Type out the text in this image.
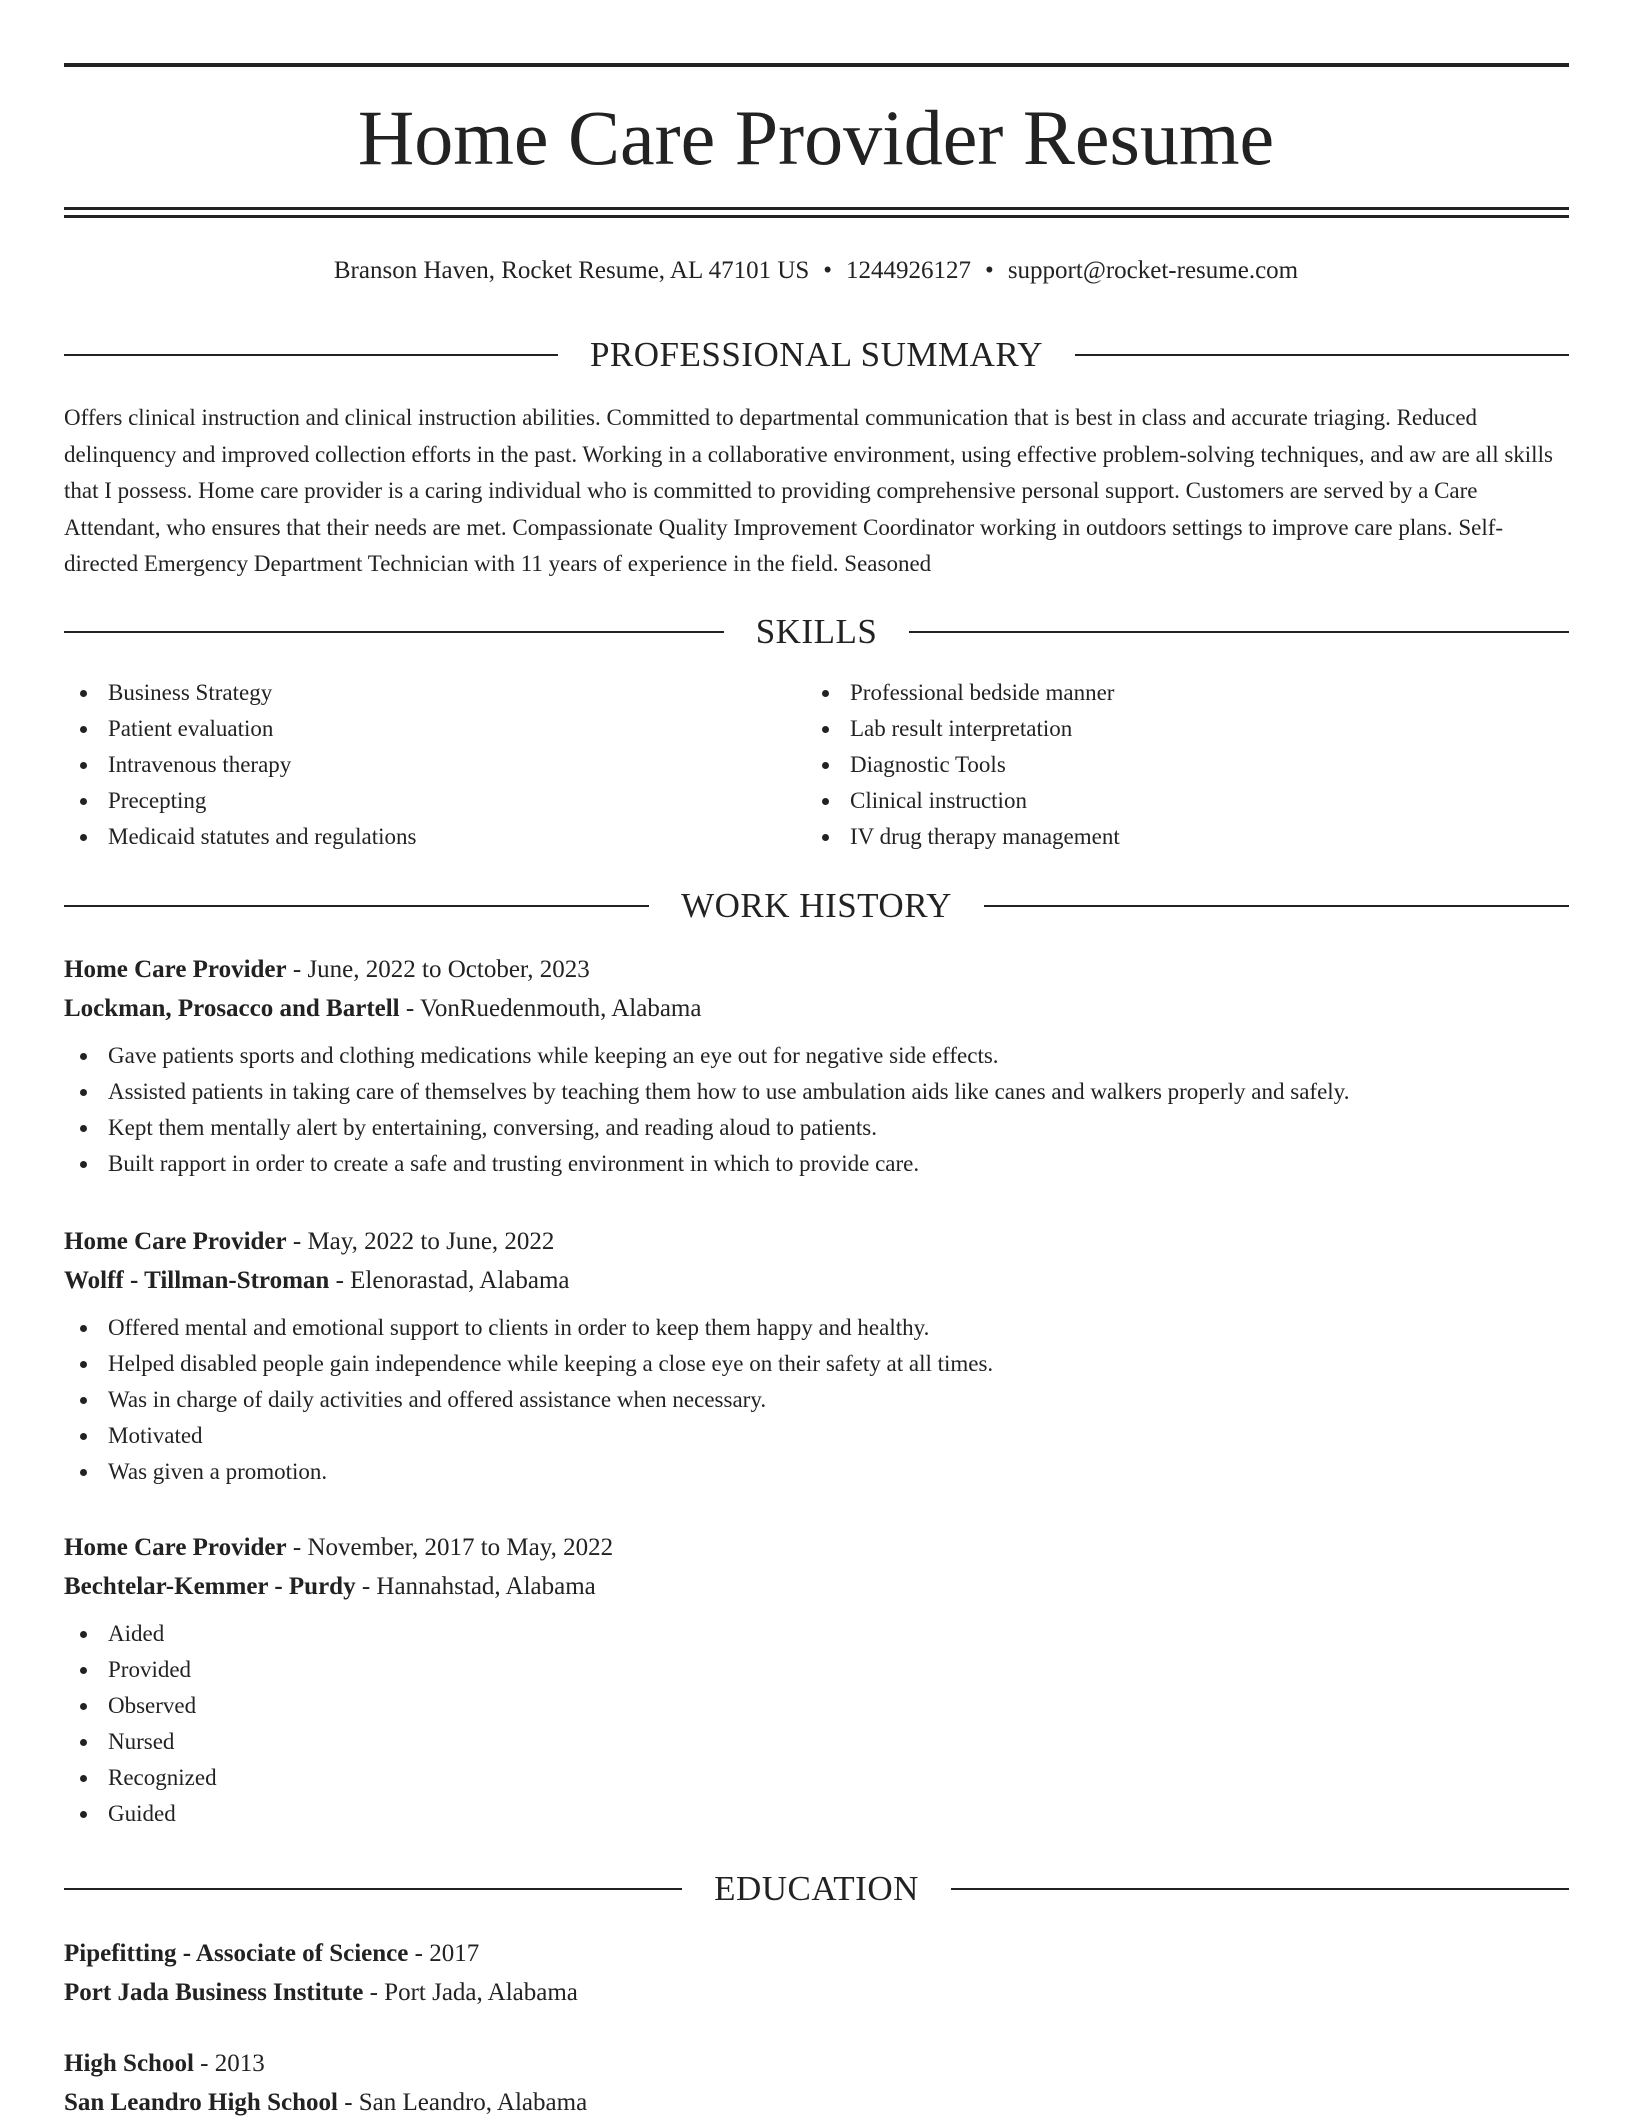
Home Care Provider Resume
Branson Haven, Rocket Resume, AL 47101 US • 1244926127 • support@rocket-resume.com
PROFESSIONAL SUMMARY

Offers clinical instruction and clinical instruction abilities. Committed to departmental communication that is best in class and accurate triaging. Reduced delinquency and improved collection efforts in the past. Working in a collaborative environment, using effective problem-solving techniques, and aw are all skills that I possess. Home care provider is a caring individual who is committed to providing comprehensive personal support. Customers are served by a Care Attendant, who ensures that their needs are met. Compassionate Quality Improvement Coordinator working in outdoors settings to improve care plans. Self-directed Emergency Department Technician with 11 years of experience in the field. Seasoned

SKILLS
Business Strategy
Patient evaluation
Intravenous therapy
Precepting
Medicaid statutes and regulations
Professional bedside manner
Lab result interpretation
Diagnostic Tools
Clinical instruction
IV drug therapy management
WORK HISTORY
Home Care Provider - June, 2022 to October, 2023
Lockman, Prosacco and Bartell - VonRuedenmouth, Alabama
Gave patients sports and clothing medications while keeping an eye out for negative side effects.
Assisted patients in taking care of themselves by teaching them how to use ambulation aids like canes and walkers properly and safely.
Kept them mentally alert by entertaining, conversing, and reading aloud to patients.
Built rapport in order to create a safe and trusting environment in which to provide care.
Home Care Provider - May, 2022 to June, 2022
Wolff - Tillman-Stroman - Elenorastad, Alabama
Offered mental and emotional support to clients in order to keep them happy and healthy.
Helped disabled people gain independence while keeping a close eye on their safety at all times.
Was in charge of daily activities and offered assistance when necessary.
Motivated
Was given a promotion.
Home Care Provider - November, 2017 to May, 2022
Bechtelar-Kemmer - Purdy - Hannahstad, Alabama
Aided
Provided
Observed
Nursed
Recognized
Guided
EDUCATION
Pipefitting - Associate of Science - 2017
Port Jada Business Institute - Port Jada, Alabama
High School - 2013
San Leandro High School - San Leandro, Alabama
